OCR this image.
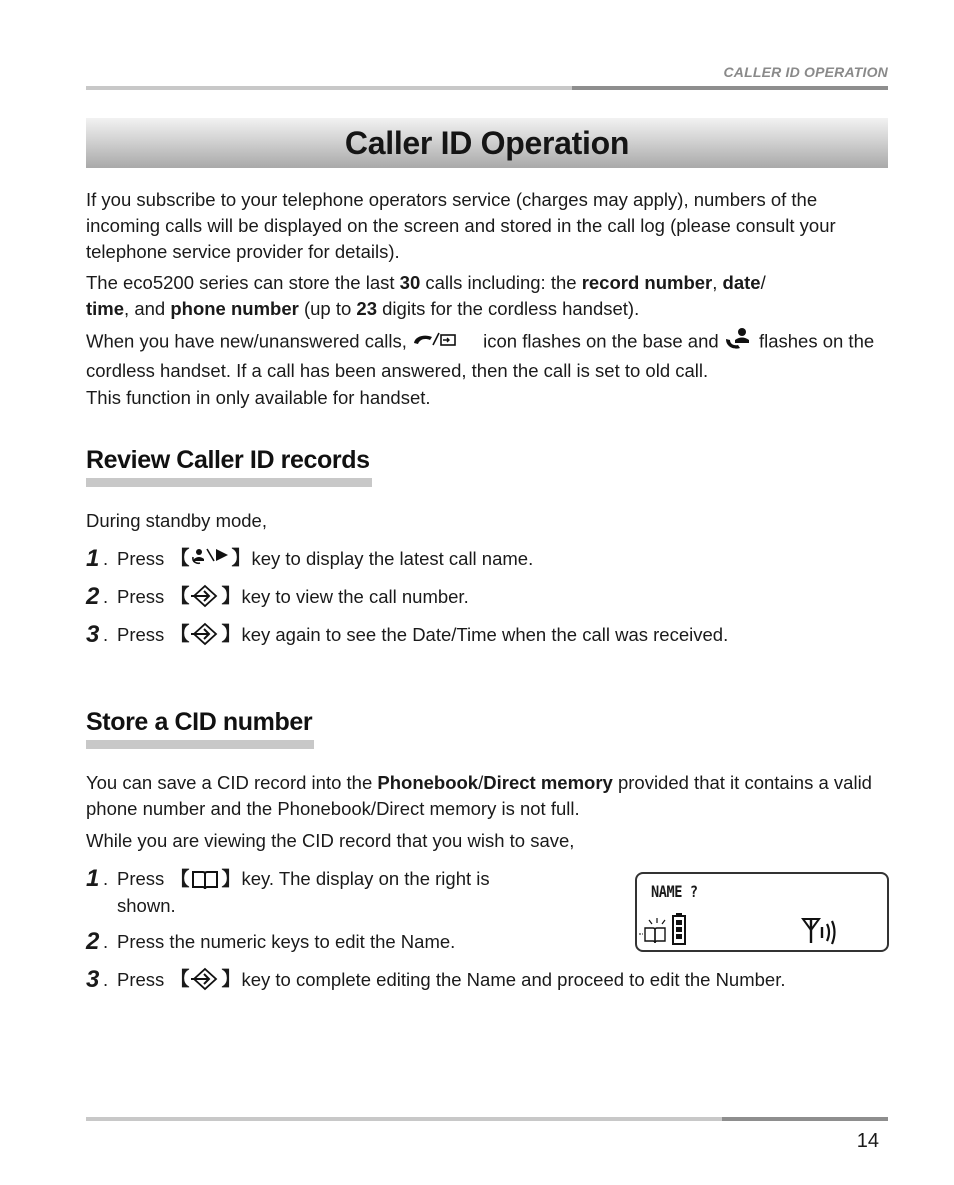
CALLER ID OPERATION
Caller ID Operation
If you subscribe to your telephone operators service (charges may apply), numbers of the incoming calls will be displayed on the screen and stored in the call log (please consult your telephone service provider for details).
The eco5200 series can store the last 30 calls including: the record number, date/
time, and phone number (up to 23 digits for the cordless handset).
When you have new/unanswered calls,	icon flashes on the base and  flashes on the cordless handset. If a call has been answered, then the call is set to old call.
This function in only available for handset.
Review Caller ID records
During standby mode,
1 . Press
【 】 key to display the latest call name.
2 . Press
【 】 key to view the call number.
3 . Press
【 】 key again to see the Date/Time when the call was received.
Store a CID number
You can save a CID record into the Phonebook/Direct memory provided that it contains a valid phone number and the Phonebook/Direct memory is not full.
While you are viewing the CID record that you wish to save,
1 . Press 【 】key. The display on the right is
shown.
2 . Press the numeric keys to edit the Name.
3 . Press
【 】 key to complete editing the Name and proceed to edit the Number.
NAME ?
14
